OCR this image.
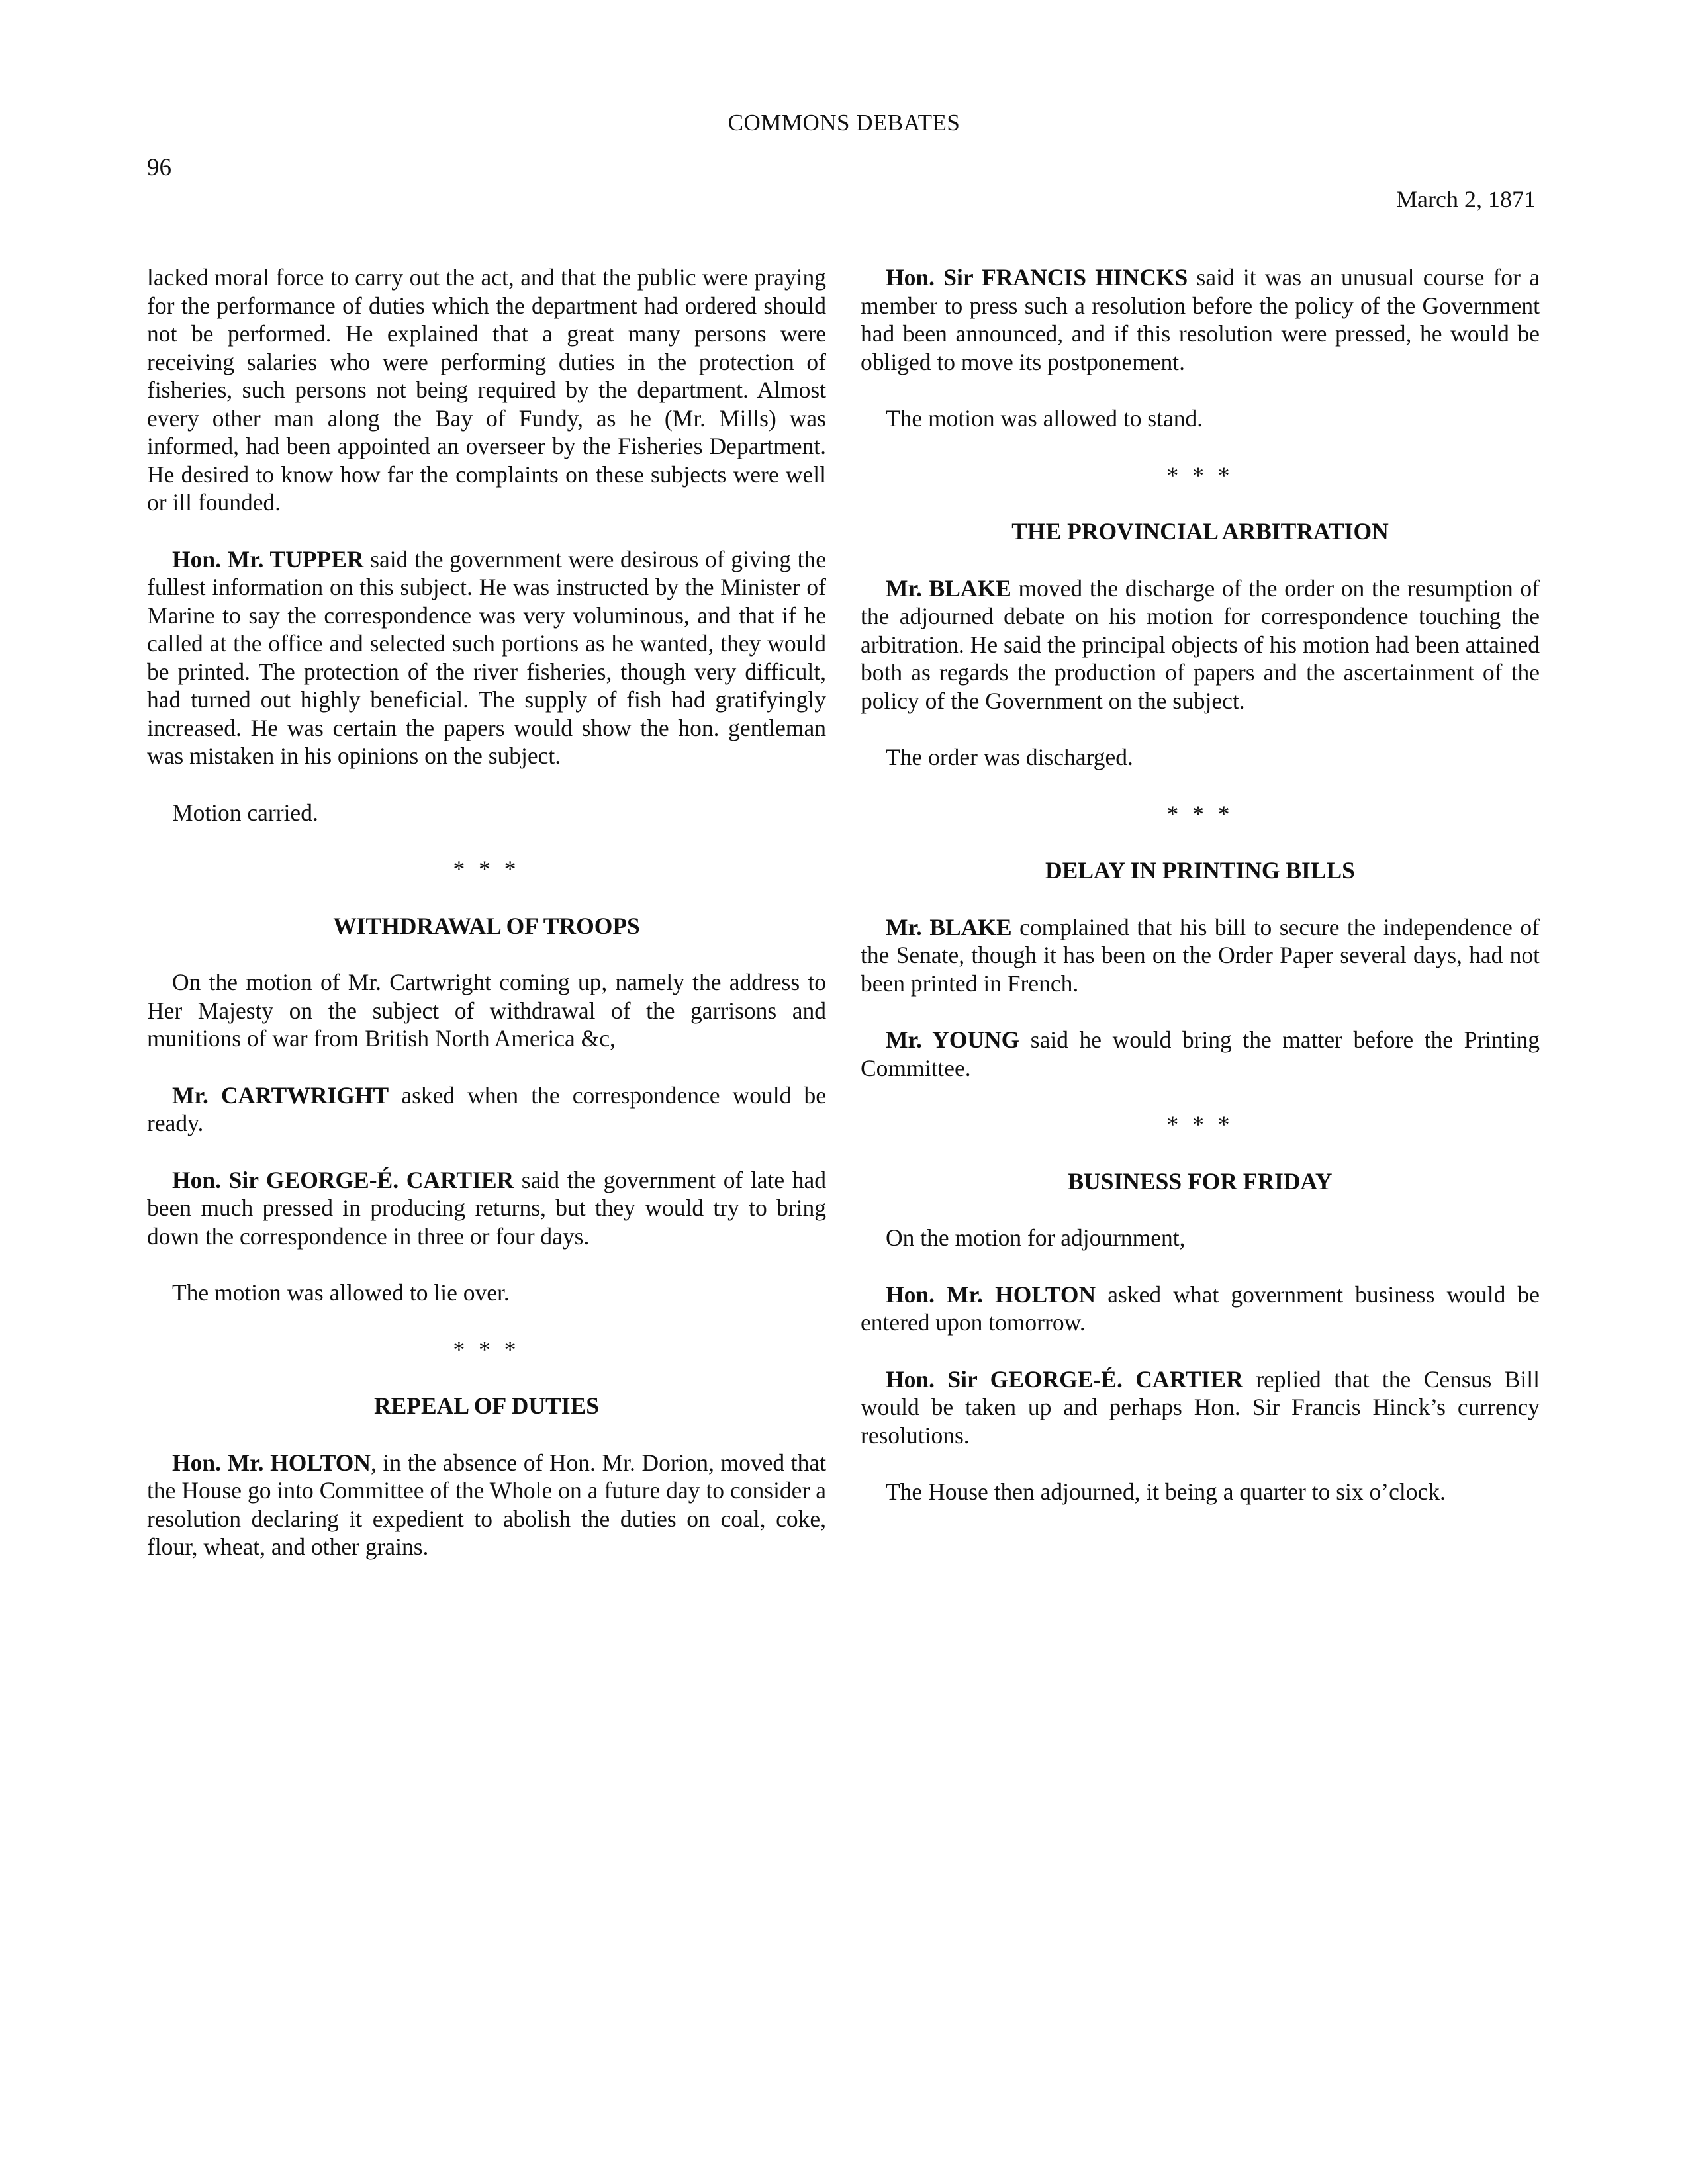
COMMONS DEBATES
96
March 2, 1871

lacked moral force to carry out the act, and that the public were praying for the performance of duties which the department had ordered should not be performed. He explained that a great many persons were receiving salaries who were performing duties in the protection of fisheries, such persons not being required by the department. Almost every other man along the Bay of Fundy, as he (Mr. Mills) was informed, had been appointed an overseer by the Fisheries Department. He desired to know how far the complaints on these subjects were well or ill founded.

Hon. Mr. TUPPER said the government were desirous of giving the fullest information on this subject. He was instructed by the Minister of Marine to say the correspondence was very voluminous, and that if he called at the office and selected such portions as he wanted, they would be printed. The protection of the river fisheries, though very difficult, had turned out highly beneficial. The supply of fish had gratifyingly increased. He was certain the papers would show the hon. gentleman was mistaken in his opinions on the subject.

Motion carried.

* * *
WITHDRAWAL OF TROOPS

On the motion of Mr. Cartwright coming up, namely the address to Her Majesty on the subject of withdrawal of the garrisons and munitions of war from British North America &c,

Mr. CARTWRIGHT asked when the correspondence would be ready.

Hon. Sir GEORGE-É. CARTIER said the government of late had been much pressed in producing returns, but they would try to bring down the correspondence in three or four days.

The motion was allowed to lie over.

* * *
REPEAL OF DUTIES

Hon. Mr. HOLTON, in the absence of Hon. Mr. Dorion, moved that the House go into Committee of the Whole on a future day to consider a resolution declaring it expedient to abolish the duties on coal, coke, flour, wheat, and other grains.

Hon. Sir FRANCIS HINCKS said it was an unusual course for a member to press such a resolution before the policy of the Government had been announced, and if this resolution were pressed, he would be obliged to move its postponement.

The motion was allowed to stand.

* * *
THE PROVINCIAL ARBITRATION

Mr. BLAKE moved the discharge of the order on the resumption of the adjourned debate on his motion for correspondence touching the arbitration. He said the principal objects of his motion had been attained both as regards the production of papers and the ascertainment of the policy of the Government on the subject.

The order was discharged.

* * *
DELAY IN PRINTING BILLS

Mr. BLAKE complained that his bill to secure the independence of the Senate, though it has been on the Order Paper several days, had not been printed in French.

Mr. YOUNG said he would bring the matter before the Printing Committee.

* * *
BUSINESS FOR FRIDAY

On the motion for adjournment,

Hon. Mr. HOLTON asked what government business would be entered upon tomorrow.

Hon. Sir GEORGE-É. CARTIER replied that the Census Bill would be taken up and perhaps Hon. Sir Francis Hinck’s currency resolutions.

The House then adjourned, it being a quarter to six o’clock.
